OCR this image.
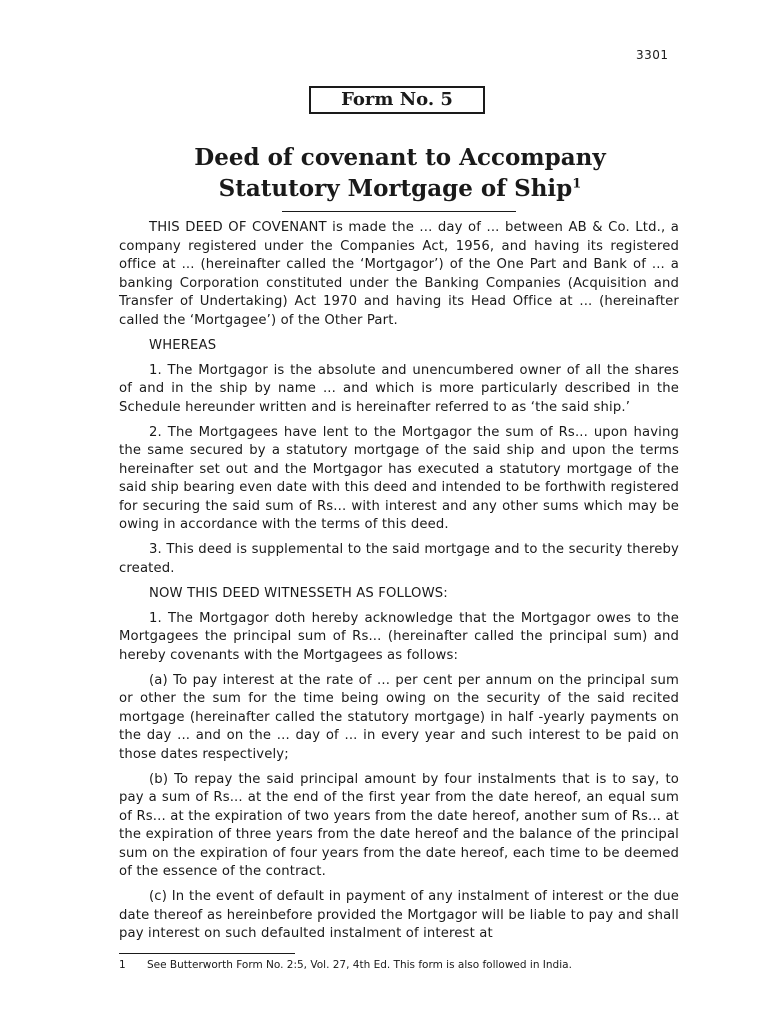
3301
Form No. 5
Deed of covenant to Accompany
Statutory Mortgage of Ship$^1$

THIS DEED OF COVENANT is made the ... day of ... between AB & Co. Ltd., a company registered under the Companies Act, 1956, and having its registered office at ... (hereinafter called the ‘Mortgagor’) of the One Part and Bank of ... a banking Corporation constituted under the Banking Companies (Acquisition and Transfer of Undertaking) Act 1970 and having its Head Office at ... (hereinafter called the ‘Mortgagee’) of the Other Part.

WHEREAS

1. The Mortgagor is the absolute and unencumbered owner of all the shares of and in the ship by name ... and which is more particularly described in the Schedule hereunder written and is hereinafter referred to as ‘the said ship.’

2. The Mortgagees have lent to the Mortgagor the sum of Rs... upon having the same secured by a statutory mortgage of the said ship and upon the terms hereinafter set out and the Mortgagor has executed a statutory mortgage of the said ship bearing even date with this deed and intended to be forthwith registered for securing the said sum of Rs... with interest and any other sums which may be owing in accordance with the terms of this deed.

3. This deed is supplemental to the said mortgage and to the security thereby created.

NOW THIS DEED WITNESSETH AS FOLLOWS:

1. The Mortgagor doth hereby acknowledge that the Mortgagor owes to the Mortgagees the principal sum of Rs... (hereinafter called the principal sum) and hereby covenants with the Mortgagees as follows:

(a) To pay interest at the rate of ... per cent per annum on the principal sum or other the sum for the time being owing on the security of the said recited mortgage (hereinafter called the statutory mortgage) in half -yearly payments on the day ... and on the ... day of ... in every year and such interest to be paid on those dates respectively;

(b) To repay the said principal amount by four instalments that is to say, to pay a sum of Rs... at the end of the first year from the date hereof, an equal sum of Rs... at the expiration of two years from the date hereof, another sum of Rs... at the expiration of three years from the date hereof and the balance of the principal sum on the expiration of four years from the date hereof, each time to be deemed of the essence of the contract.

(c) In the event of default in payment of any instalment of interest or the due date thereof as hereinbefore provided the Mortgagor will be liable to pay and shall pay interest on such defaulted instalment of interest at

1 See Butterworth Form No. 2:5, Vol. 27, 4th Ed. This form is also followed in India.
